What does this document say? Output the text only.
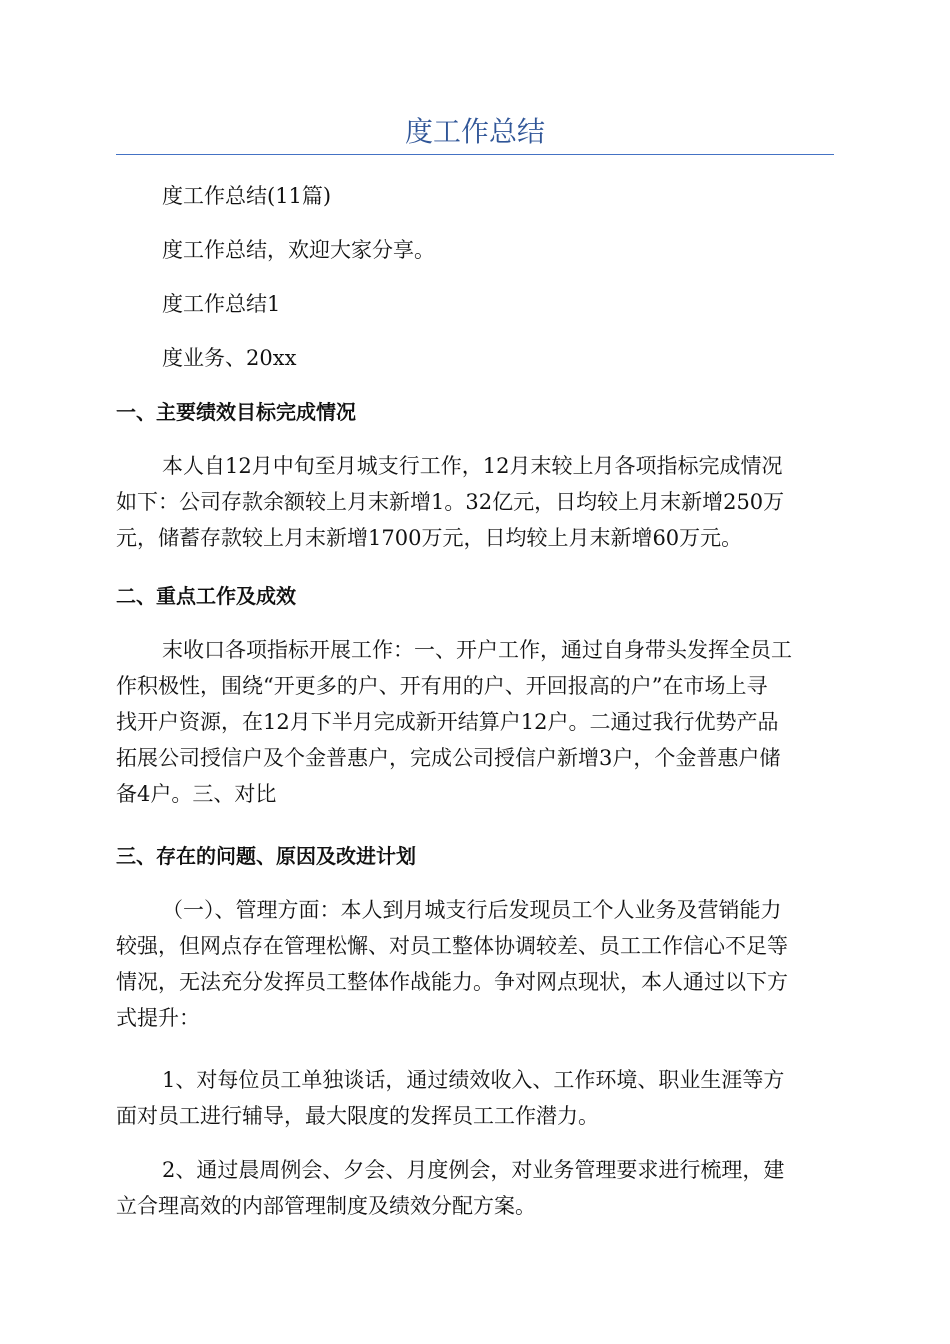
度工作总结
度工作总结(11篇)
度工作总结，欢迎大家分享。
度工作总结1
度业务、20xx
一、主要绩效目标完成情况
本人自12月中旬至月城支行工作，12月末较上月各项指标完成情况
如下：公司存款余额较上月末新增1。32亿元，日均较上月末新增250万
元，储蓄存款较上月末新增1700万元，日均较上月末新增60万元。
二、重点工作及成效
末收口各项指标开展工作：一、开户工作，通过自身带头发挥全员工
作积极性，围绕“开更多的户、开有用的户、开回报高的户”在市场上寻
找开户资源，在12月下半月完成新开结算户12户。二通过我行优势产品
拓展公司授信户及个金普惠户，完成公司授信户新增3户，个金普惠户储
备4户。三、对比
三、存在的问题、原因及改进计划
（一）、管理方面：本人到月城支行后发现员工个人业务及营销能力
较强，但网点存在管理松懈、对员工整体协调较差、员工工作信心不足等
情况，无法充分发挥员工整体作战能力。争对网点现状，本人通过以下方
式提升：
1、对每位员工单独谈话，通过绩效收入、工作环境、职业生涯等方
面对员工进行辅导，最大限度的发挥员工工作潜力。
2、通过晨周例会、夕会、月度例会，对业务管理要求进行梳理，建
立合理高效的内部管理制度及绩效分配方案。
